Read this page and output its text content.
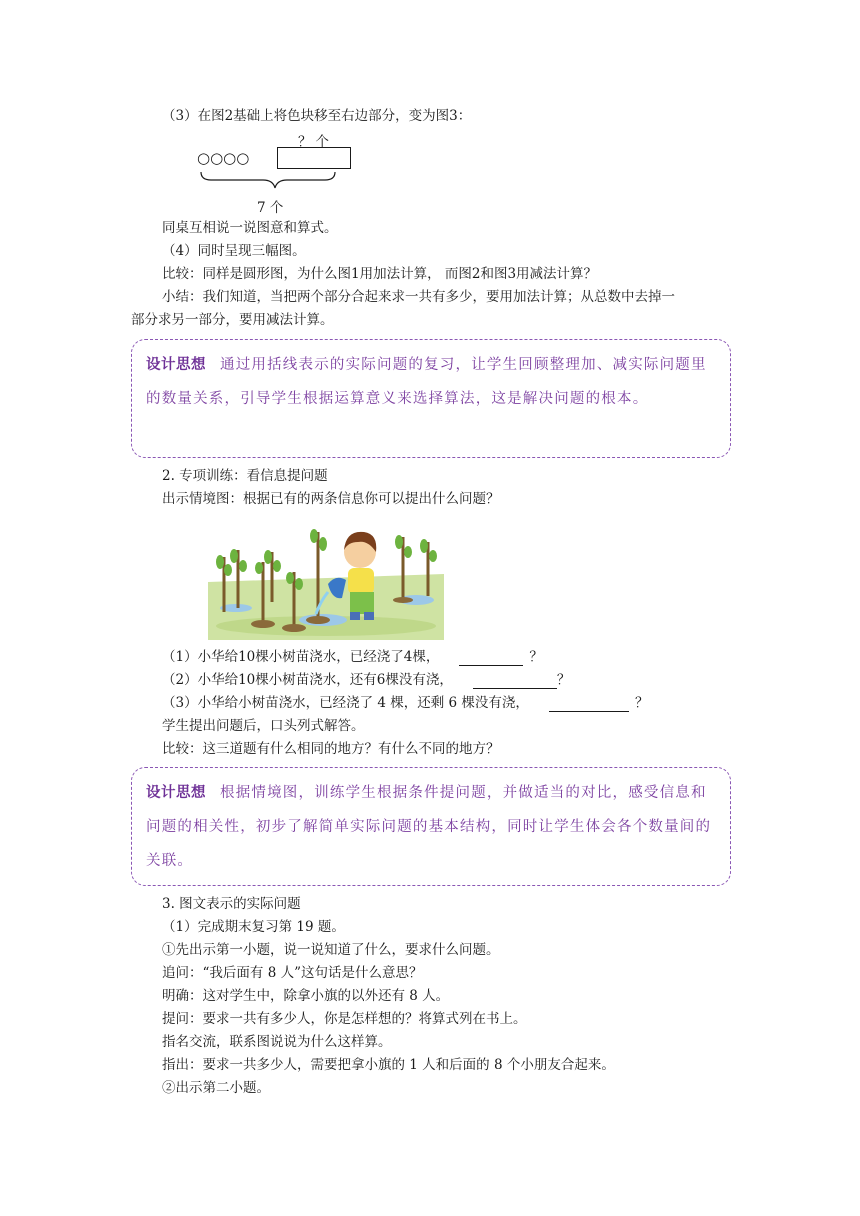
（3）在图2基础上将色块移至右边部分，变为图3：
？个
○○○○
7 个
同桌互相说一说图意和算式。
（4）同时呈现三幅图。
比较：同样是圆形图，为什么图1用加法计算， 而图2和图3用减法计算？
小结：我们知道，当把两个部分合起来求一共有多少，要用加法计算；从总数中去掉一
部分求另一部分，要用减法计算。
设计思想 通过用括线表示的实际问题的复习，让学生回顾整理加、减实际问题里的数量关系，引导学生根据运算意义来选择算法，这是解决问题的根本。
2. 专项训练：看信息提问题
出示情境图：根据已有的两条信息你可以提出什么问题？
（1）小华给10棵小树苗浇水，已经浇了4棵，	？
（2）小华给10棵小树苗浇水，还有6棵没有浇，	？
（3）小华给小树苗浇水，已经浇了 4 棵，还剩 6 棵没有浇，	？
学生提出问题后，口头列式解答。
比较：这三道题有什么相同的地方？有什么不同的地方？
设计思想 根据情境图，训练学生根据条件提问题，并做适当的对比，感受信息和问题的相关性，初步了解简单实际问题的基本结构，同时让学生体会各个数量间的关联。
3. 图文表示的实际问题
（1）完成期末复习第 19 题。
①先出示第一小题，说一说知道了什么，要求什么问题。
追问：“我后面有 8 人”这句话是什么意思？
明确：这对学生中，除拿小旗的以外还有 8 人。
提问：要求一共有多少人，你是怎样想的？将算式列在书上。
指名交流，联系图说说为什么这样算。
指出：要求一共多少人，需要把拿小旗的 1 人和后面的 8 个小朋友合起来。
②出示第二小题。
